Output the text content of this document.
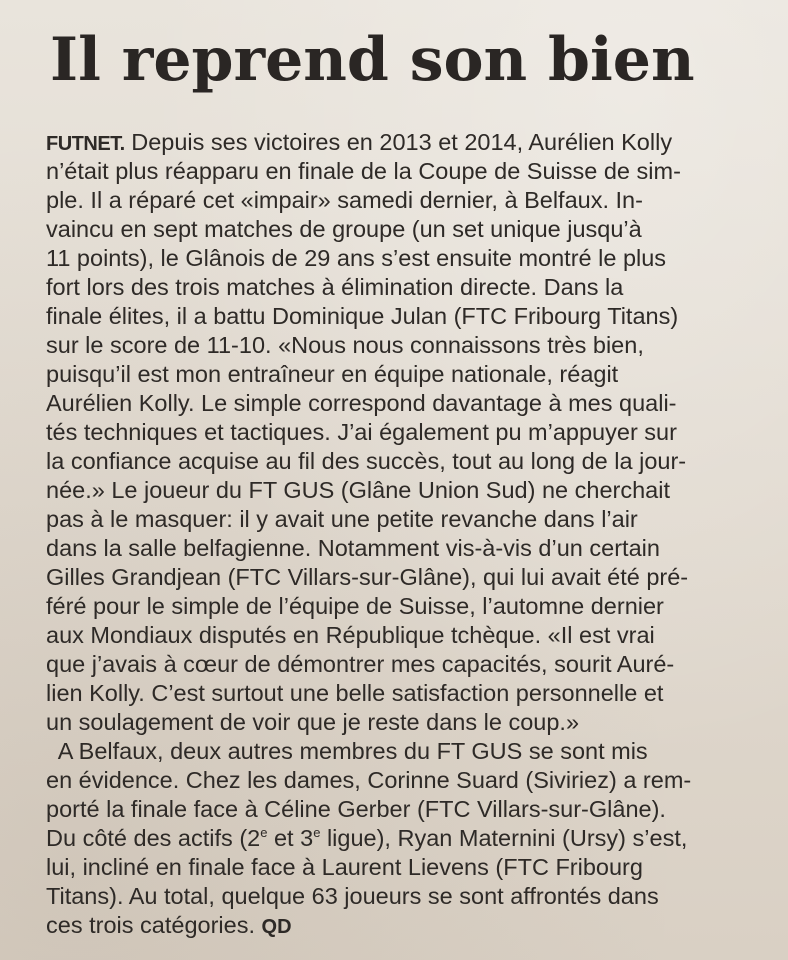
Il reprend son bien
FUTNET. Depuis ses victoires en 2013 et 2014, Aurélien Kolly
n’était plus réapparu en finale de la Coupe de Suisse de sim-
ple. Il a réparé cet «impair» samedi dernier, à Belfaux. In-
vaincu en sept matches de groupe (un set unique jusqu’à
11 points), le Glânois de 29 ans s’est ensuite montré le plus
fort lors des trois matches à élimination directe. Dans la
finale élites, il a battu Dominique Julan (FTC Fribourg Titans)
sur le score de 11-10. «Nous nous connaissons très bien,
puisqu’il est mon entraîneur en équipe nationale, réagit
Aurélien Kolly. Le simple correspond davantage à mes quali-
tés techniques et tactiques. J’ai également pu m’appuyer sur
la confiance acquise au fil des succès, tout au long de la jour-
née.» Le joueur du FT GUS (Glâne Union Sud) ne cherchait
pas à le masquer: il y avait une petite revanche dans l’air
dans la salle belfagienne. Notamment vis-à-vis d’un certain
Gilles Grandjean (FTC Villars-sur-Glâne), qui lui avait été pré-
féré pour le simple de l’équipe de Suisse, l’automne dernier
aux Mondiaux disputés en République tchèque. «Il est vrai
que j’avais à cœur de démontrer mes capacités, sourit Auré-
lien Kolly. C’est surtout une belle satisfaction personnelle et
un soulagement de voir que je reste dans le coup.»
A Belfaux, deux autres membres du FT GUS se sont mis
en évidence. Chez les dames, Corinne Suard (Siviriez) a rem-
porté la finale face à Céline Gerber (FTC Villars-sur-Glâne).
Du côté des actifs (2e et 3e ligue), Ryan Maternini (Ursy) s’est,
lui, incliné en finale face à Laurent Lievens (FTC Fribourg
Titans). Au total, quelque 63 joueurs se sont affrontés dans
ces trois catégories. QD
